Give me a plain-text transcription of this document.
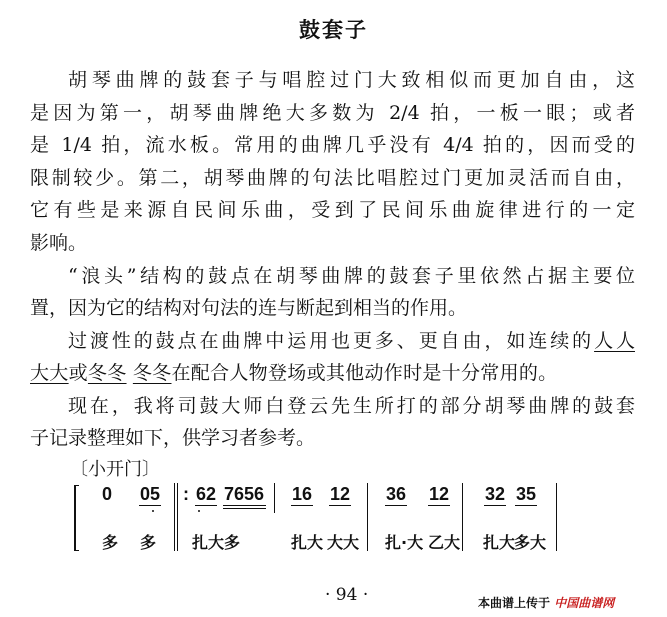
鼓套子
胡琴曲牌的鼓套子与唱腔过门大致相似而更加自由，这
是因为第一，胡琴曲牌绝大多数为 2/4 拍，一板一眼；或者
是 1/4 拍，流水板。常用的曲牌几乎没有 4/4 拍的，因而受的
限制较少。第二，胡琴曲牌的句法比唱腔过门更加灵活而自由，
它有些是来源自民间乐曲，受到了民间乐曲旋律进行的一定
影响。
“浪头”结构的鼓点在胡琴曲牌的鼓套子里依然占据主要位
置，因为它的结构对句法的连与断起到相当的作用。
过渡性的鼓点在曲牌中运用也更多、更自由，如连续的人人
大大或冬冬 冬冬在配合人物登场或其他动作时是十分常用的。
现在，我将司鼓大师白登云先生所打的部分胡琴曲牌的鼓套
子记录整理如下，供学习者参考。
〔小开门〕
0 05 : 62 7656 16 12 36 12 32 35
多 多 扎大多	扎大 大大 扎·大 乙大 扎大
多大
· 94 ·	本曲谱上传于 中国曲谱网
